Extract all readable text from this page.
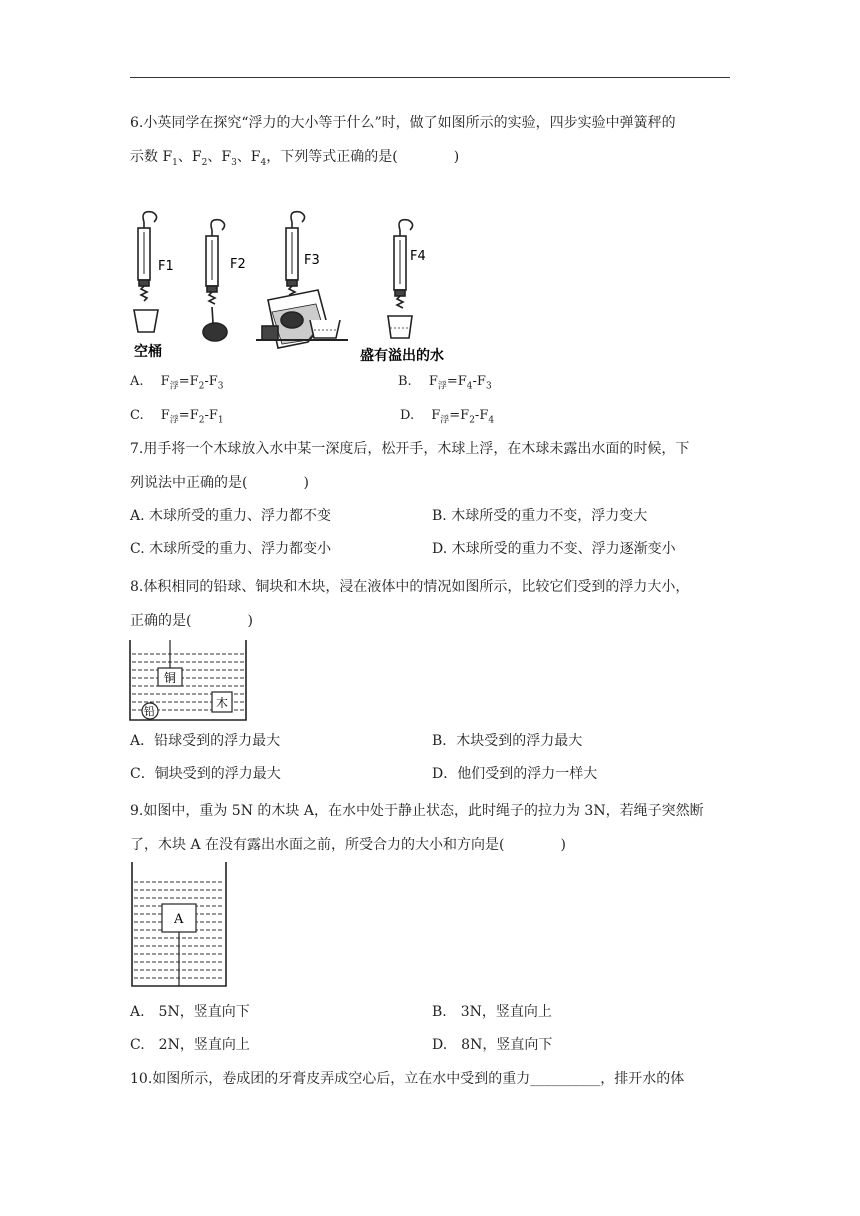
6.小英同学在探究“浮力的大小等于什么”时，做了如图所示的实验，四步实验中弹簧秤的
示数 $F_1$、$F_2$、$F_3$、$F_4$，下列等式正确的是(　　　　)
F1	F2	F3	F4
空桶	盛有溢出的水
A.　 $F_浮=F_2-F_3$	B.　 $F_浮=F_4-F_3$
C.　 $F_浮=F_2-F_1$	D.　 $F_浮=F_2-F_4$
7.用手将一个木球放入水中某一深度后，松开手，木球上浮，在木球未露出水面的时候，下
列说法中正确的是(　　　　)
A. 木球所受的重力、浮力都不变	B. 木球所受的重力不变，浮力变大
C. 木球所受的重力、浮力都变小	D. 木球所受的重力不变、浮力逐渐变小
8.体积相同的铅球、铜块和木块，浸在液体中的情况如图所示，比较它们受到的浮力大小，
正确的是(　　　　)
铜
木
铅
A．铅球受到的浮力最大	B．木块受到的浮力最大
C．铜块受到的浮力最大	D．他们受到的浮力一样大
9.如图中，重为 5N 的木块 A，在水中处于静止状态，此时绳子的拉力为 3N，若绳子突然断
了，木块 A 在没有露出水面之前，所受合力的大小和方向是(　　　　)
A
A.　5N，竖直向下	B.　3N，竖直向上
C.　2N，竖直向上	D.　8N，竖直向下
10.如图所示，卷成团的牙膏皮弄成空心后，立在水中受到的重力__________，排开水的体
